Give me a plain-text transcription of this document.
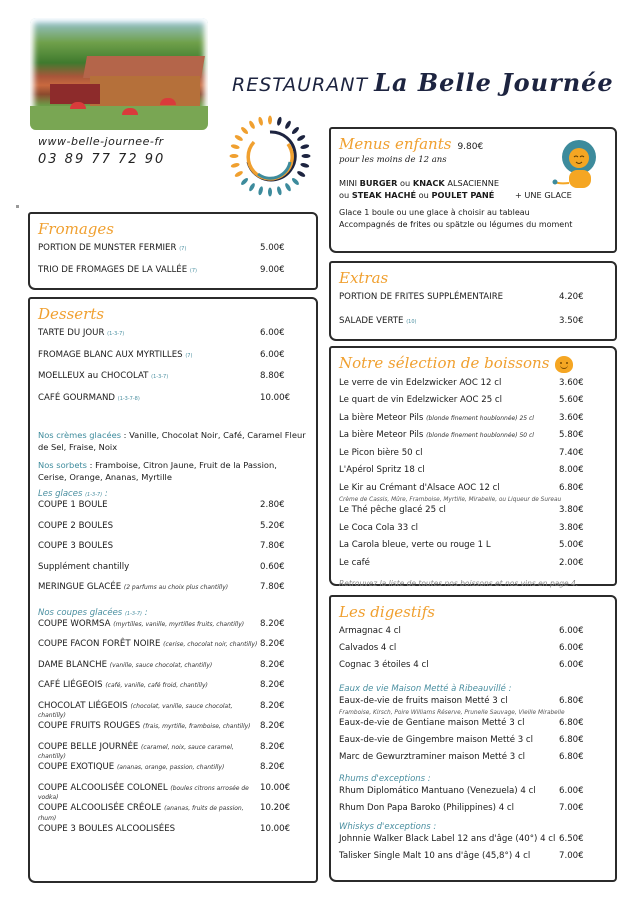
www-belle-journee-fr
03 89 77 72 90
RESTAURANT La Belle Journée
Fromages
PORTION DE MUNSTER FERMIER (7)	5.00€
TRIO DE FROMAGES DE LA VALLÉE (7)	9.00€
Desserts
TARTE DU JOUR (1-3-7)	6.00€
FROMAGE BLANC AUX MYRTILLES (7)	6.00€
MOELLEUX au CHOCOLAT (1-3-7)	8.80€
CAFÉ GOURMAND (1-3-7-8)	10.00€
Nos crèmes glacées : Vanille, Chocolat Noir, Café, Caramel Fleur de Sel, Fraise, Noix
Nos sorbets : Framboise, Citron Jaune, Fruit de la Passion, Cerise, Orange, Ananas, Myrtille
Les glaces (1-3-7) :
COUPE 1 BOULE	2.80€
COUPE 2 BOULES	5.20€
COUPE 3 BOULES	7.80€
Supplément chantilly	0.60€
MERINGUE GLACÉE (2 parfums au choix plus chantilly)	7.80€
Nos coupes glacées (1-3-7) :
COUPE WORMSA (myrtilles, vanille, myrtilles fruits, chantilly)	8.20€
COUPE FACON FORÊT NOIRE (cerise, chocolat noir, chantilly) 8.20€
DAME BLANCHE (vanille, sauce chocolat, chantilly)	8.20€
CAFÉ LIÉGEOIS (café, vanille, café froid, chantilly)	8.20€
CHOCOLAT LIÉGEOIS (chocolat, vanille, sauce chocolat, chantilly)
8.20€
COUPE FRUITS ROUGES (frais, myrtille, framboise, chantilly)	8.20€
COUPE BELLE JOURNÉE (caramel, noix, sauce caramel, chantilly)
8.20€
COUPE EXOTIQUE (ananas, orange, passion, chantilly)	8.20€
COUPE ALCOOLISÉE COLONEL (boules citrons arrosée de vodka)
10.00€
COUPE ALCOOLISÉE CRÉOLE (ananas, fruits de passion, rhum)
10.20€
COUPE 3 BOULES ALCOOLISÉES	10.00€
Menus enfants 9.80€
pour les moins de 12 ans
MINI BURGER ou KNACK ALSACIENNE
ou STEAK HACHÉ ou POULET PANÉ	+ UNE GLACE
Glace 1 boule ou une glace à choisir au tableau
Accompagnés de frites ou spätzle ou légumes du moment
Extras
PORTION DE FRITES SUPPLÉMENTAIRE	4.20€
SALADE VERTE (10)	3.50€
Notre sélection de boissons
Le verre de vin Edelzwicker AOC 12 cl	3.60€
Le quart de vin Edelzwicker AOC 25 cl	5.60€
La bière Meteor Pils (blonde finement houblonnée) 25 cl	3.60€
La bière Meteor Pils (blonde finement houblonnée) 50 cl	5.80€
Le Picon bière 50 cl	7.40€
L'Apérol Spritz 18 cl	8.00€
Le Kir au Crémant d'Alsace AOC 12 cl	6.80€
Crème de Cassis, Mûre, Framboise, Myrtille, Mirabelle, ou Liqueur de Sureau
Le Thé pêche glacé 25 cl	3.80€
Le Coca Cola 33 cl	3.80€
La Carola bleue, verte ou rouge 1 L	5.00€
Le café	2.00€
Retrouvez la liste de toutes nos boissons et nos vins en page 4.
Les digestifs
Armagnac 4 cl	6.00€
Calvados 4 cl	6.00€
Cognac 3 étoiles 4 cl	6.00€
Eaux de vie Maison Metté à Ribeauvillé :
Eaux-de-vie de fruits maison Metté 3 cl	6.80€
Framboise, Kirsch, Poire Williams Réserve, Prunelle Sauvage, Vieille Mirabelle
Eaux-de-vie de Gentiane maison Metté 3 cl	6.80€
Eaux-de-vie de Gingembre maison Metté 3 cl	6.80€
Marc de Gewurztraminer maison Metté 3 cl	6.80€
Rhums d'exceptions :
Rhum Diplomático Mantuano (Venezuela) 4 cl	6.00€
Rhum Don Papa Baroko (Philippines) 4 cl	7.00€
Whiskys d'exceptions :
Johnnie Walker Black Label 12 ans d'âge (40°) 4 cl 6.50€
Talisker Single Malt 10 ans d'âge (45,8°) 4 cl	7.00€
